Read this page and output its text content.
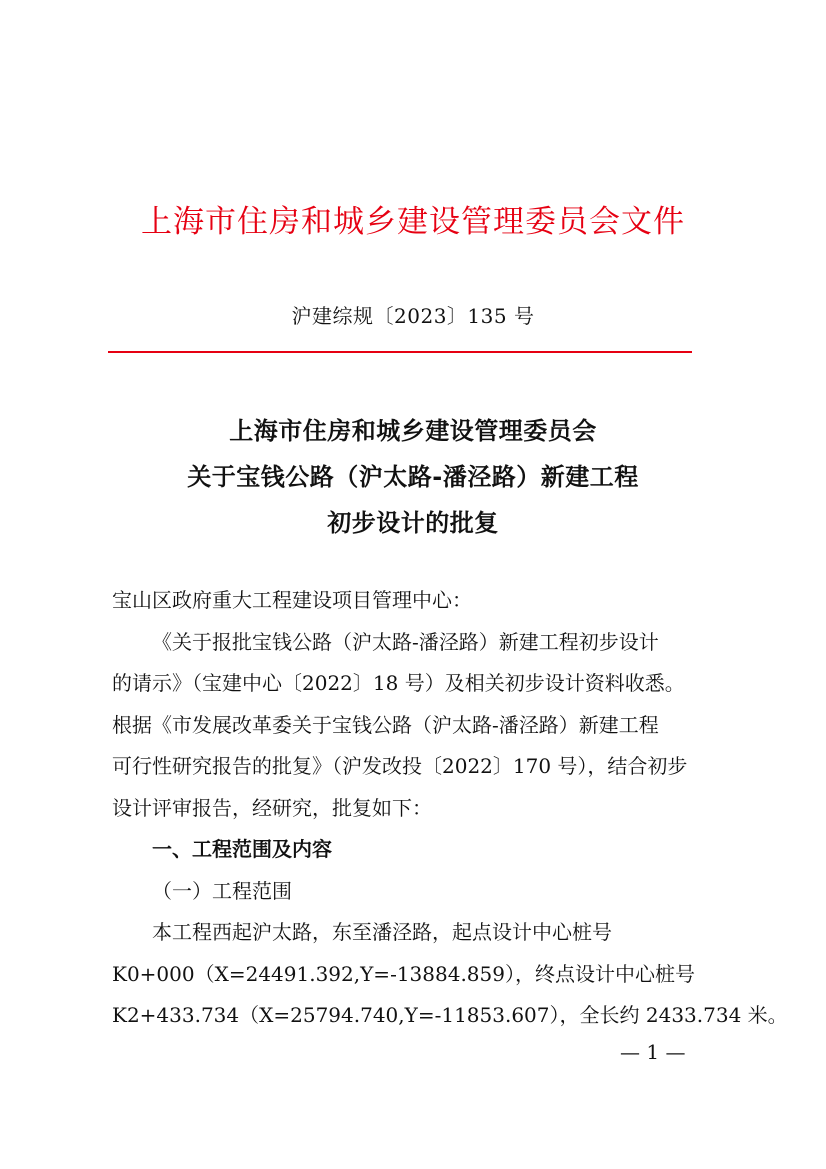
上海市住房和城乡建设管理委员会文件
沪建综规〔2023〕135 号
上海市住房和城乡建设管理委员会
关于宝钱公路（沪太路-潘泾路）新建工程
初步设计的批复
宝山区政府重大工程建设项目管理中心：
《关于报批宝钱公路（沪太路-潘泾路）新建工程初步设计
的请示》（宝建中心〔2022〕18 号）及相关初步设计资料收悉。
根据《市发展改革委关于宝钱公路（沪太路-潘泾路）新建工程
可行性研究报告的批复》（沪发改投〔2022〕170 号），结合初步
设计评审报告，经研究，批复如下：
一、工程范围及内容
（一）工程范围
本工程西起沪太路，东至潘泾路，起点设计中心桩号
K0+000（X=24491.392,Y=-13884.859），终点设计中心桩号
K2+433.734（X=25794.740,Y=-11853.607），全长约 2433.734 米。
— 1 —
